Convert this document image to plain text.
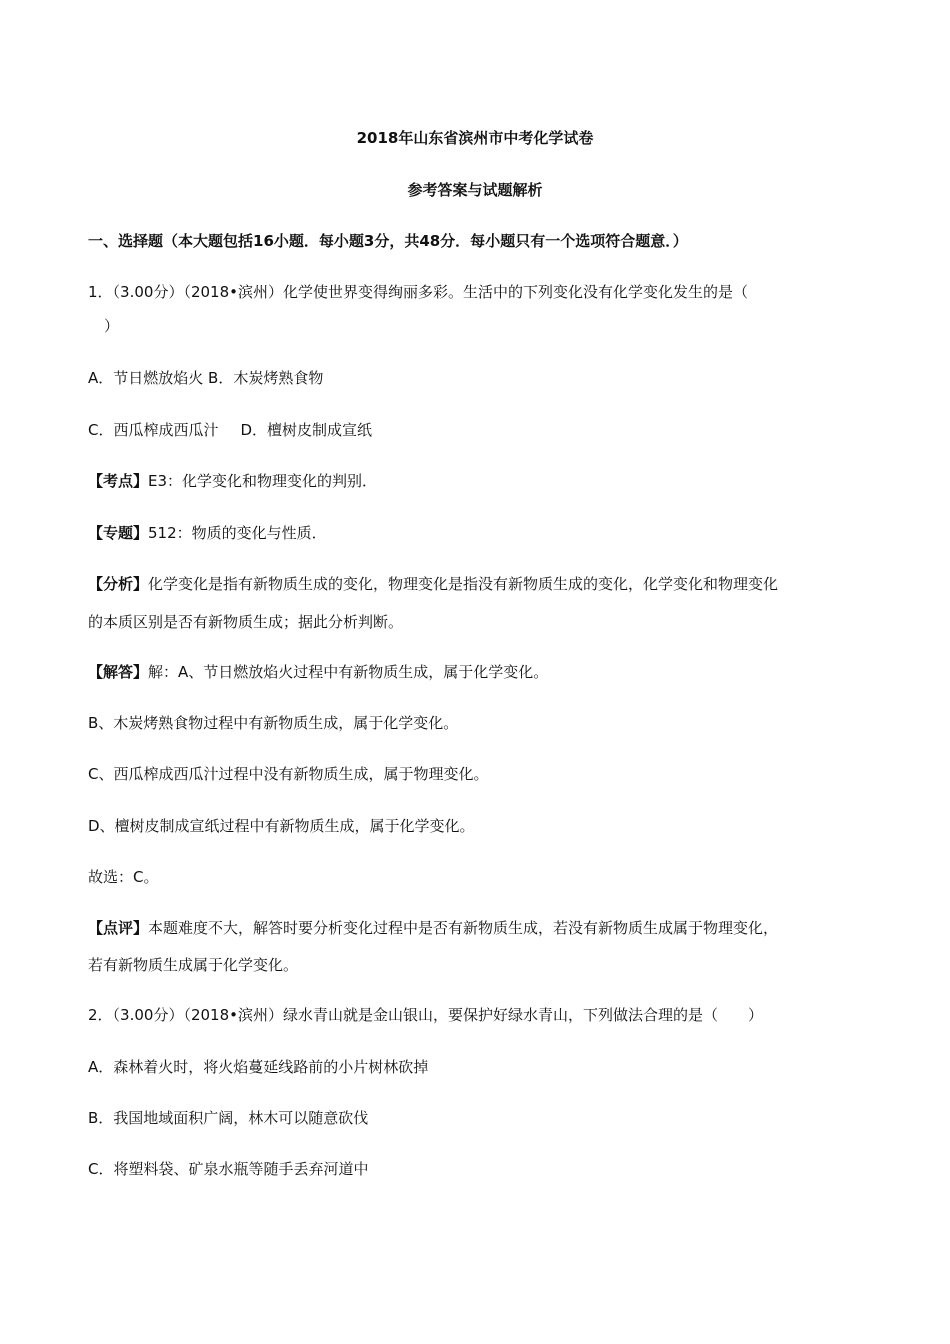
2018年山东省滨州市中考化学试卷
参考答案与试题解析
一、选择题（本大题包括16小题．每小题3分，共48分．每小题只有一个选项符合题意．）
1．（3.00分）（2018•滨州）化学使世界变得绚丽多彩。生活中的下列变化没有化学变化发生的是（
）
A．节日燃放焰火 B．木炭烤熟食物
C．西瓜榨成西瓜汁 D．檀树皮制成宣纸
【考点】E3：化学变化和物理变化的判别．
【专题】512：物质的变化与性质．
【分析】化学变化是指有新物质生成的变化，物理变化是指没有新物质生成的变化，化学变化和物理变化
的本质区别是否有新物质生成；据此分析判断。
【解答】解：A、节日燃放焰火过程中有新物质生成，属于化学变化。
B、木炭烤熟食物过程中有新物质生成，属于化学变化。
C、西瓜榨成西瓜汁过程中没有新物质生成，属于物理变化。
D、檀树皮制成宣纸过程中有新物质生成，属于化学变化。
故选：C。
【点评】本题难度不大，解答时要分析变化过程中是否有新物质生成，若没有新物质生成属于物理变化，
若有新物质生成属于化学变化。
2．（3.00分）（2018•滨州）绿水青山就是金山银山，要保护好绿水青山，下列做法合理的是（　　）
A．森林着火时，将火焰蔓延线路前的小片树林砍掉
B．我国地域面积广阔，林木可以随意砍伐
C．将塑料袋、矿泉水瓶等随手丢弃河道中
